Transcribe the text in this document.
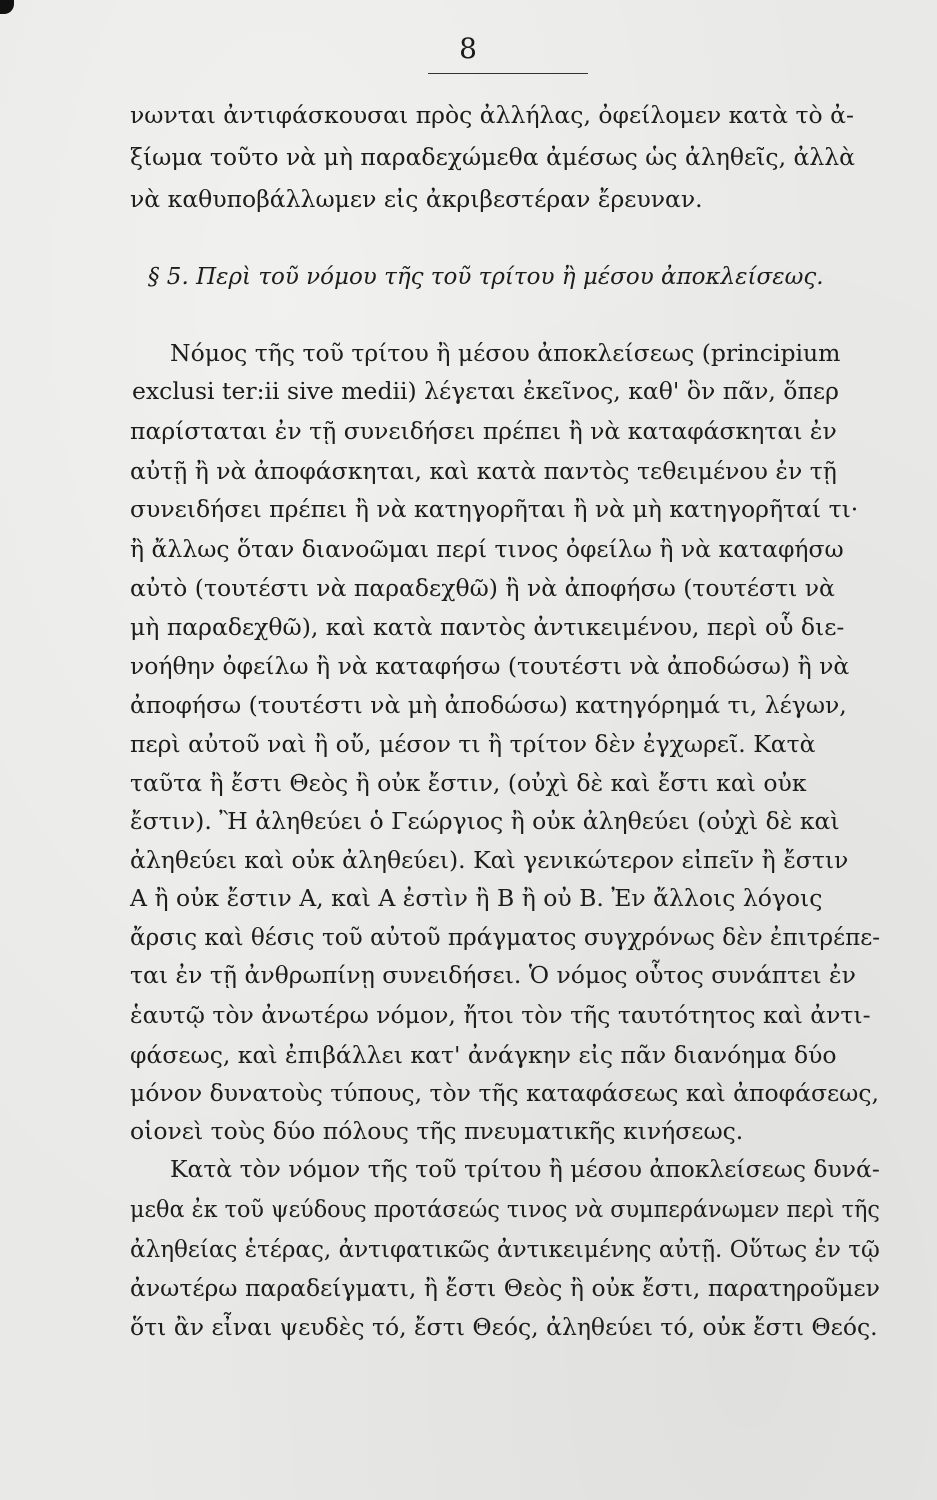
8
νωνται ἀντιφάσκουσαι πρὸς ἀλλήλας, ὀφείλομεν κατὰ τὸ ἀ-
ξίωμα τοῦτο νὰ μὴ παραδεχώμεθα ἀμέσως ὡς ἀληθεῖς, ἀλλὰ
νὰ καθυποβάλλωμεν εἰς ἀκριβεστέραν ἔρευναν.
§ 5. Περὶ τοῦ νόμου τῆς τοῦ τρίτου ἢ μέσου ἀποκλείσεως.
Νόμος τῆς τοῦ τρίτου ἢ μέσου ἀποκλείσεως (principium
exclusi ter:ii sive medii) λέγεται ἐκεῖνος, καθ' ὃν πᾶν, ὅπερ
παρίσταται ἐν τῇ συνειδήσει πρέπει ἢ νὰ καταφάσκηται ἐν
αὐτῇ ἢ νὰ ἀποφάσκηται, καὶ κατὰ παντὸς τεθειμένου ἐν τῇ
συνειδήσει πρέπει ἢ νὰ κατηγορῆται ἢ νὰ μὴ κατηγορῆταί τι·
ἢ ἄλλως ὅταν διανοῶμαι περί τινος ὀφείλω ἢ νὰ καταφήσω
αὐτὸ (τουτέστι νὰ παραδεχθῶ) ἢ νὰ ἀποφήσω (τουτέστι νὰ
μὴ παραδεχθῶ), καὶ κατὰ παντὸς ἀντικειμένου, περὶ οὗ διε-
νοήθην ὀφείλω ἢ νὰ καταφήσω (τουτέστι νὰ ἀποδώσω) ἢ νὰ
ἀποφήσω (τουτέστι νὰ μὴ ἀποδώσω) κατηγόρημά τι, λέγων,
περὶ αὐτοῦ ναὶ ἢ οὔ, μέσον τι ἢ τρίτον δὲν ἐγχωρεῖ. Κατὰ
ταῦτα ἢ ἔστι Θεὸς ἢ οὐκ ἔστιν, (οὐχὶ δὲ καὶ ἔστι καὶ οὐκ
ἔστιν). Ἢ ἀληθεύει ὁ Γεώργιος ἢ οὐκ ἀληθεύει (οὐχὶ δὲ καὶ
ἀληθεύει καὶ οὐκ ἀληθεύει). Καὶ γενικώτερον εἰπεῖν ἢ ἔστιν
Α ἢ οὐκ ἔστιν Α, καὶ Α ἐστὶν ἢ Β ἢ οὐ Β. Ἐν ἄλλοις λόγοις
ἄρσις καὶ θέσις τοῦ αὐτοῦ πράγματος συγχρόνως δὲν ἐπιτρέπε-
ται ἐν τῇ ἀνθρωπίνῃ συνειδήσει. Ὁ νόμος οὗτος συνάπτει ἐν
ἑαυτῷ τὸν ἀνωτέρω νόμον, ἤτοι τὸν τῆς ταυτότητος καὶ ἀντι-
φάσεως, καὶ ἐπιβάλλει κατ' ἀνάγκην εἰς πᾶν διανόημα δύο
μόνον δυνατοὺς τύπους, τὸν τῆς καταφάσεως καὶ ἀποφάσεως,
οἱονεὶ τοὺς δύο πόλους τῆς πνευματικῆς κινήσεως.
Κατὰ τὸν νόμον τῆς τοῦ τρίτου ἢ μέσου ἀποκλείσεως δυνά-
μεθα ἐκ τοῦ ψεύδους προτάσεώς τινος νὰ συμπεράνωμεν περὶ τῆς
ἀληθείας ἑτέρας, ἀντιφατικῶς ἀντικειμένης αὐτῇ. Οὕτως ἐν τῷ
ἀνωτέρω παραδείγματι, ἢ ἔστι Θεὸς ἢ οὐκ ἔστι, παρατηροῦμεν
ὅτι ἂν εἶναι ψευδὲς τό, ἔστι Θεός, ἀληθεύει τό, οὐκ ἔστι Θεός.
